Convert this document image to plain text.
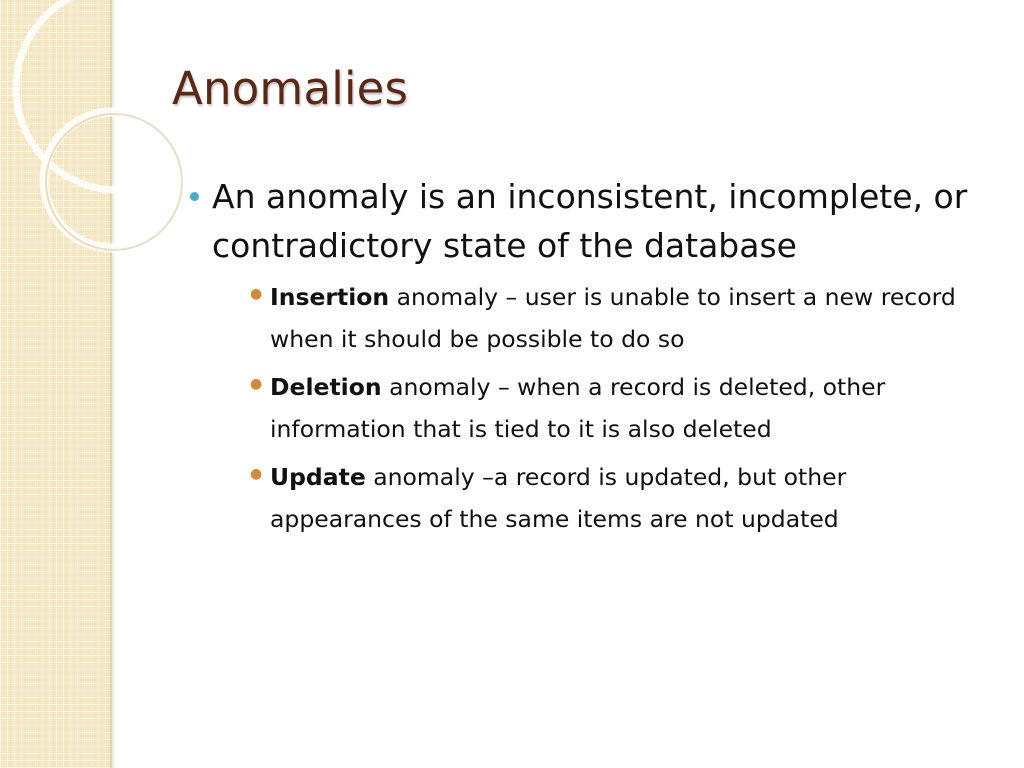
Anomalies
An anomaly is an inconsistent, incomplete, or contradictory state of the database
● Insertion anomaly – user is unable to insert a new record when it should be possible to do so
● Deletion anomaly – when a record is deleted, other information that is tied to it is also deleted
● Update anomaly –a record is updated, but other appearances of the same items are not updated
